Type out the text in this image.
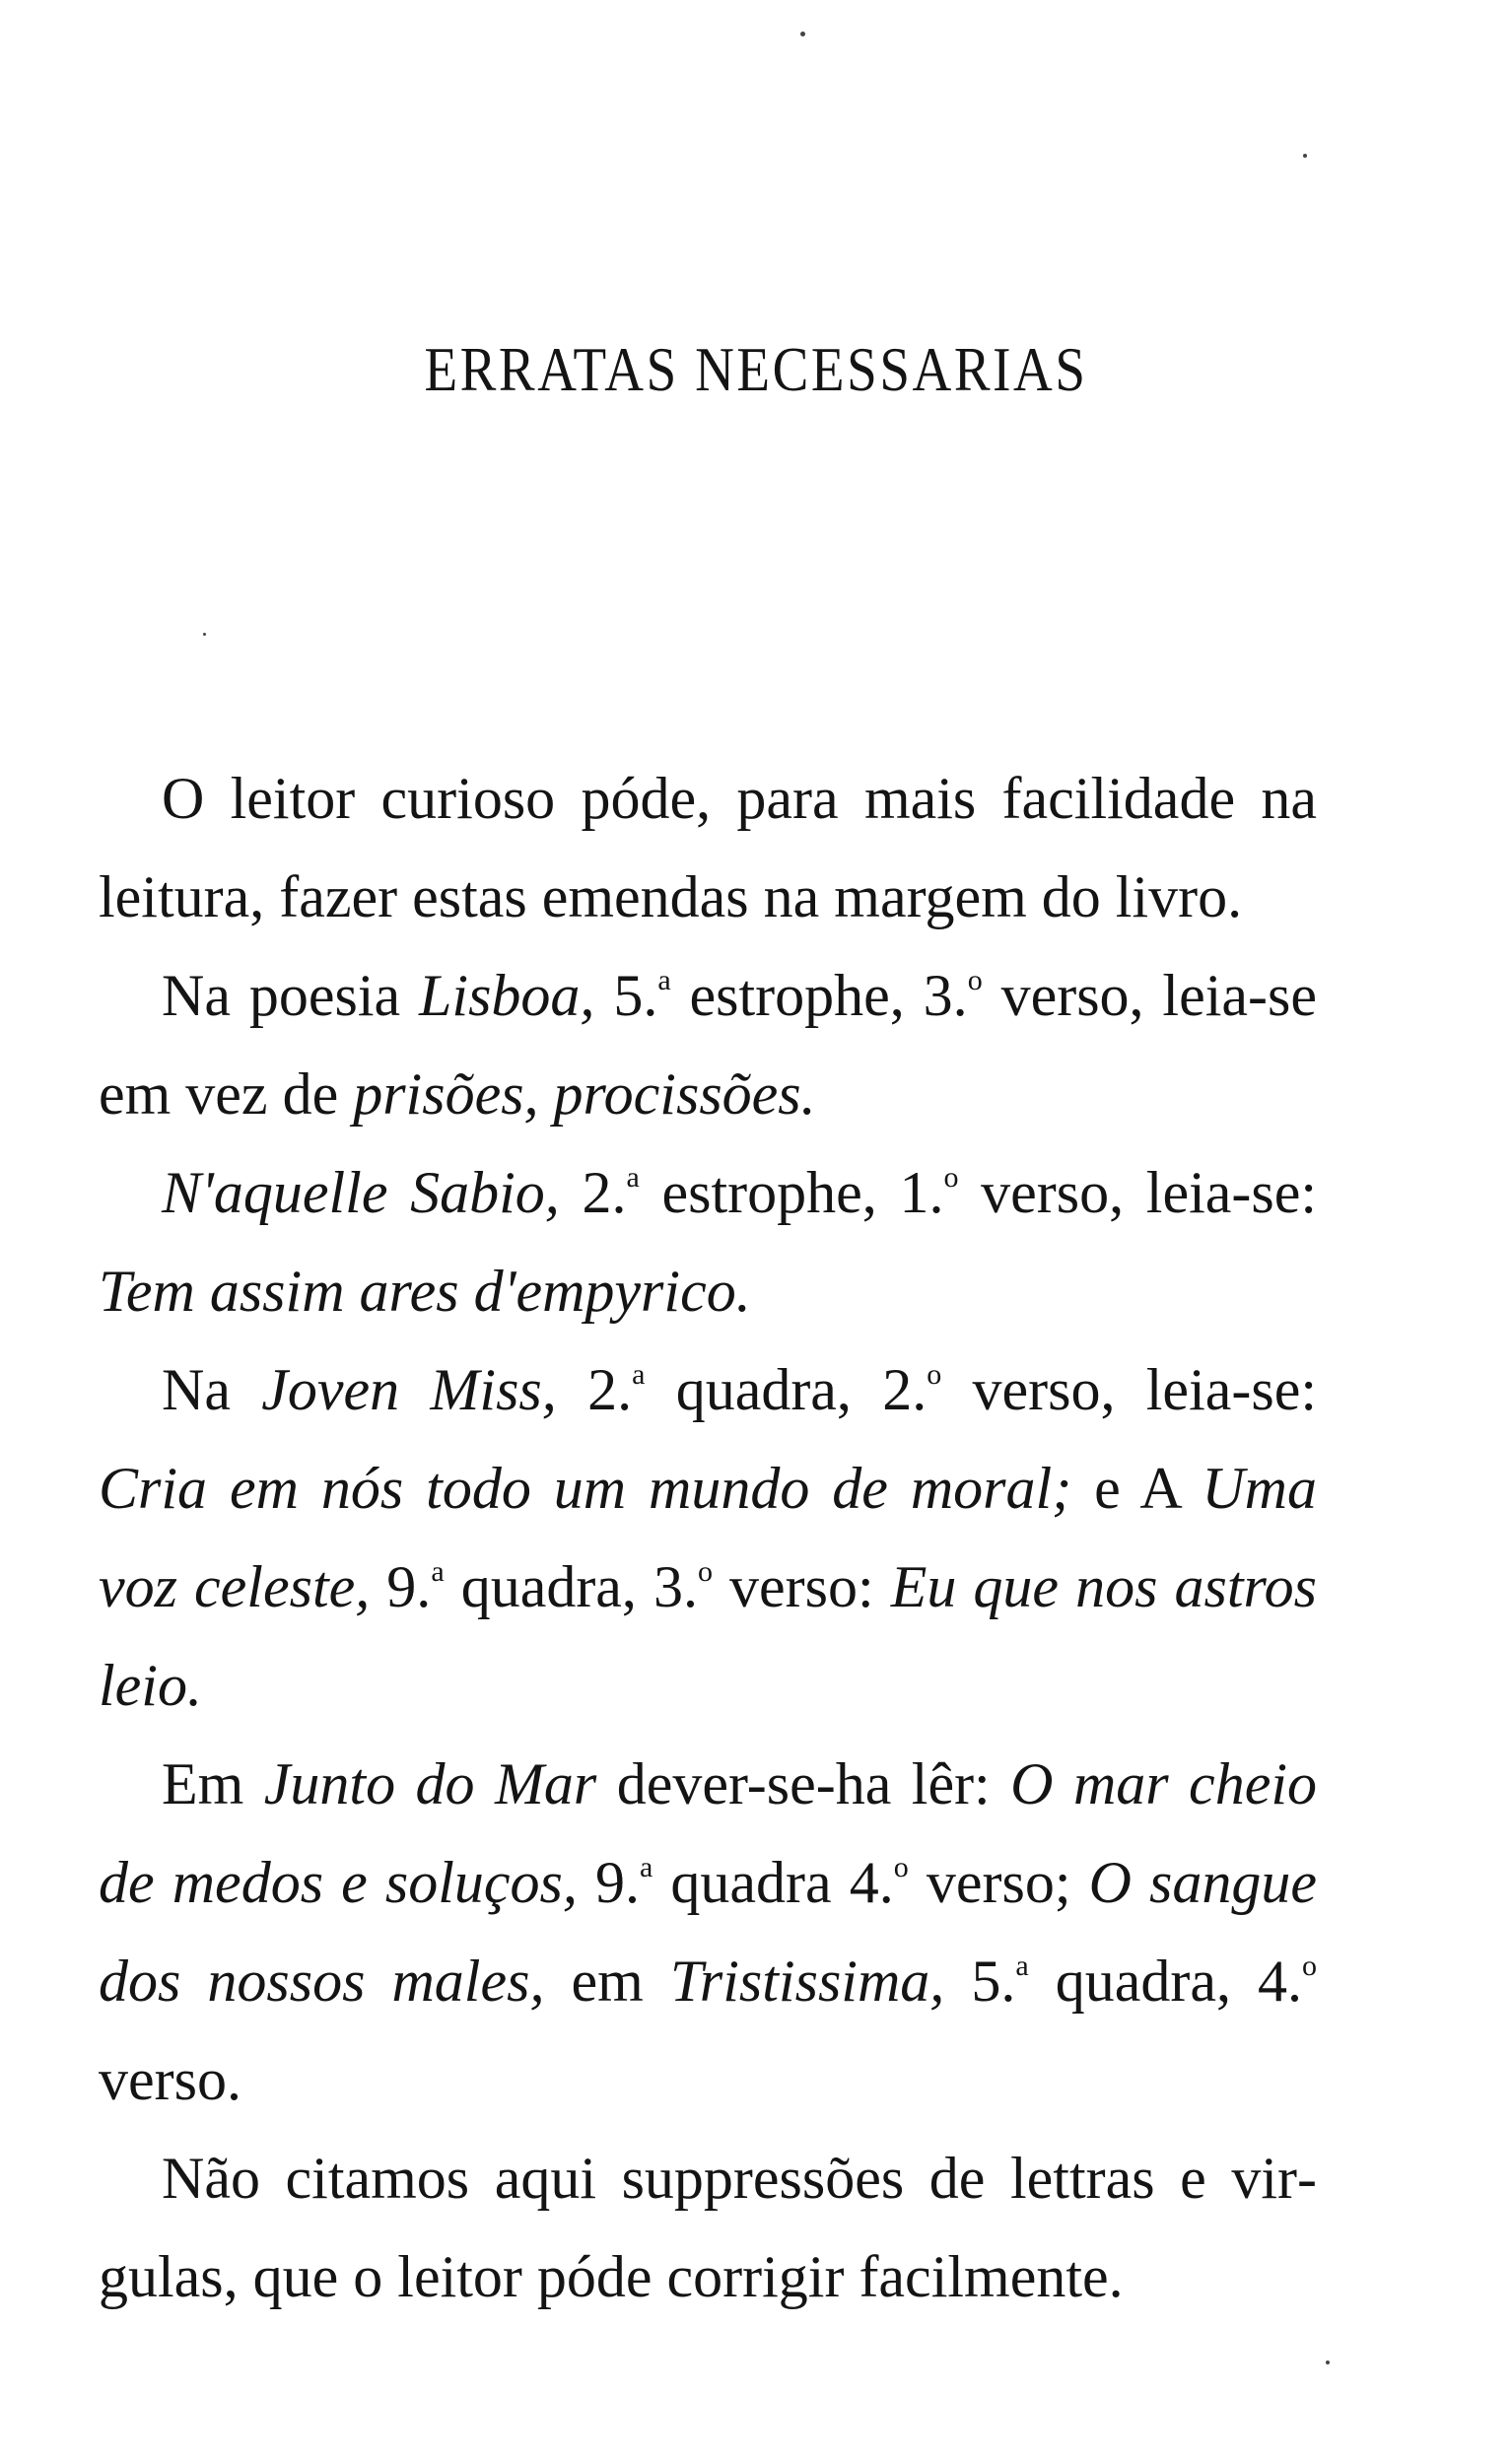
ERRATAS NECESSARIAS

O leitor curioso póde, para mais facilidade na leitura, fazer estas emendas na margem do livro.

Na poesia Lisboa, 5.$^a$ estrophe, 3.$^o$ verso, leia-se em vez de prisões, procissões.

N'aquelle Sabio, 2.$^a$ estrophe, 1.$^o$ verso, leia-se: Tem assim ares d'empyrico.

Na Joven Miss, 2.$^a$ quadra, 2.$^o$ verso, leia-se: Cria em nós todo um mundo de moral; e A Uma voz celeste, 9.$^a$ quadra, 3.$^o$ verso: Eu que nos astros leio.

Em Junto do Mar dever-se-ha lêr: O mar cheio de medos e soluços, 9.$^a$ quadra 4.$^o$ verso; O sangue dos nossos males, em Tristissima, 5.$^a$ quadra, 4.$^o$ verso.

Não citamos aqui suppressões de lettras e virgulas, que o leitor póde corrigir facilmente.
